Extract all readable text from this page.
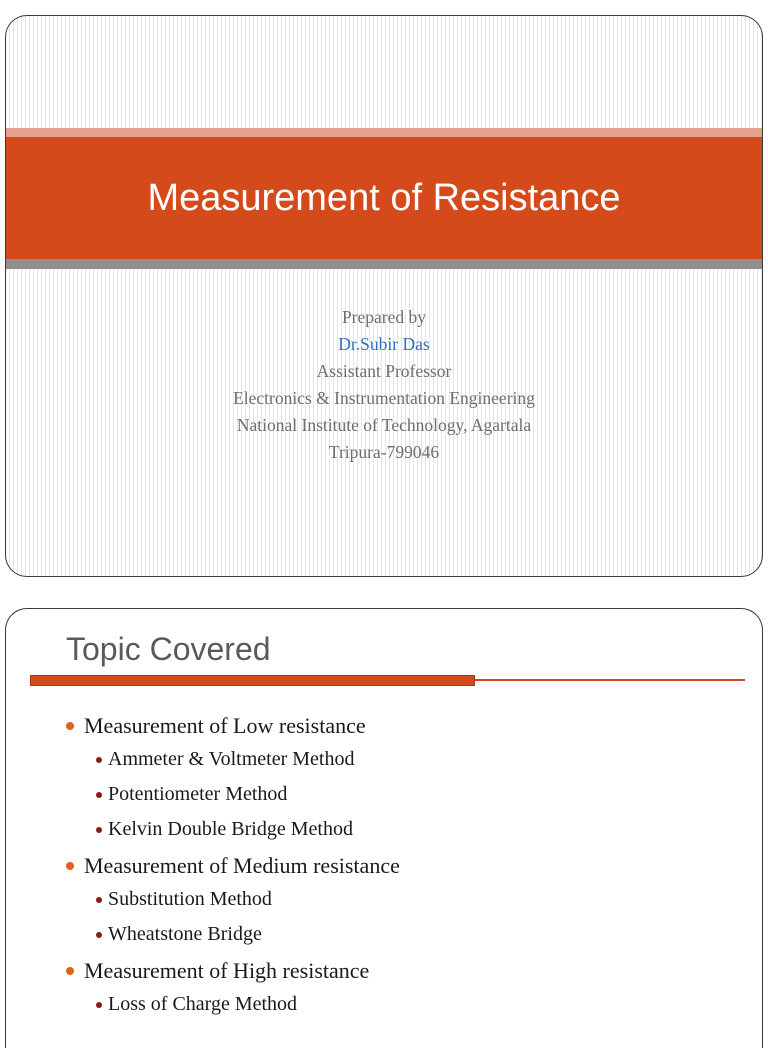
Measurement of Resistance
Prepared by
Dr.Subir Das
Assistant Professor
Electronics & Instrumentation Engineering
National Institute of Technology, Agartala
Tripura-799046
Topic Covered
Measurement of Low resistance
Ammeter & Voltmeter Method
Potentiometer Method
Kelvin Double Bridge Method
Measurement of Medium resistance
Substitution Method
Wheatstone Bridge
Measurement of High resistance
Loss of Charge Method
